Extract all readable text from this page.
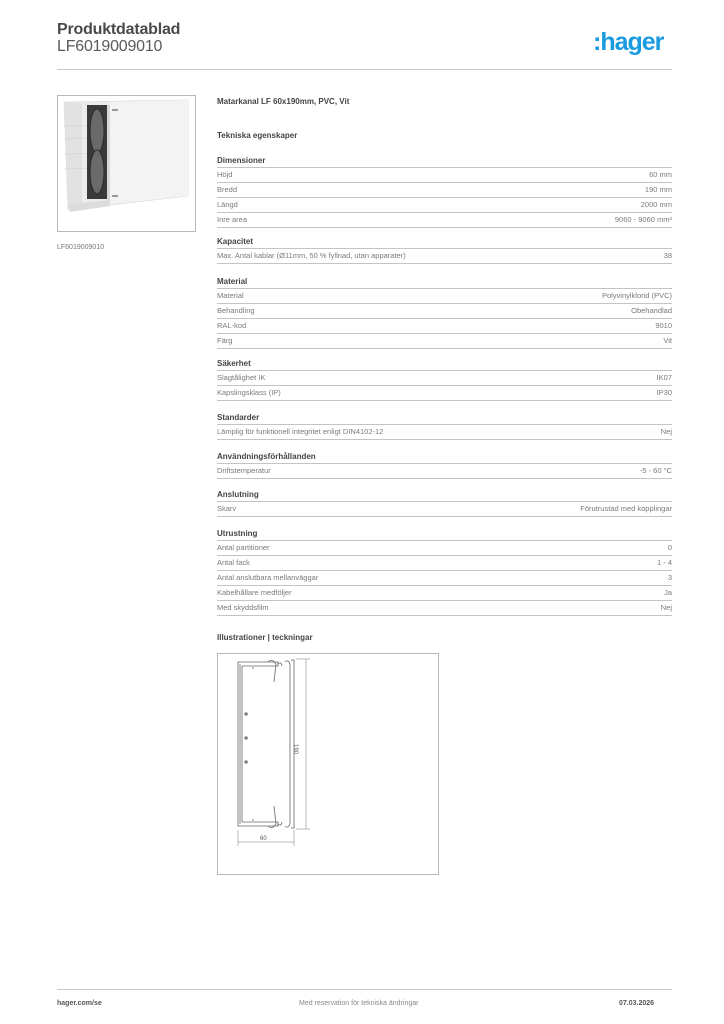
Produktdatablad
LF6019009010	:hager
LF6019009010
Matarkanal LF 60x190mm, PVC, Vit
Tekniska egenskaper
Dimensioner
Höjd	60 mm
Bredd	190 mm
Längd	2000 mm
Inre area	9060 - 9060 mm²
Kapacitet
Max. Antal kablar (Ø11mm, 50 % fyllnad, utan apparater)	38
Material
Material	Polyvinylklorid (PVC)
Behandling	Obehandlad
RAL-kod	9010
Färg	Vit
Säkerhet
Slagtålighet IK	IK07
Kapslingsklass (IP)	IP30
Standarder
Lämplig för funktionell integritet enligt DIN4102-12	Nej
Användningsförhållanden
Driftstemperatur	-5 - 60 °C
Anslutning
Skarv	Förutrustad med kopplingar
Utrustning
Antal partitioner	0
Antal fack	1 - 4
Antal anslutbara mellanväggar	3
Kabelhållare medföljer	Ja
Med skyddsfilm	Nej
Illustrationer | teckningar
190
60
hager.com/se	Med reservation för tekniska ändringar	07.03.2026
